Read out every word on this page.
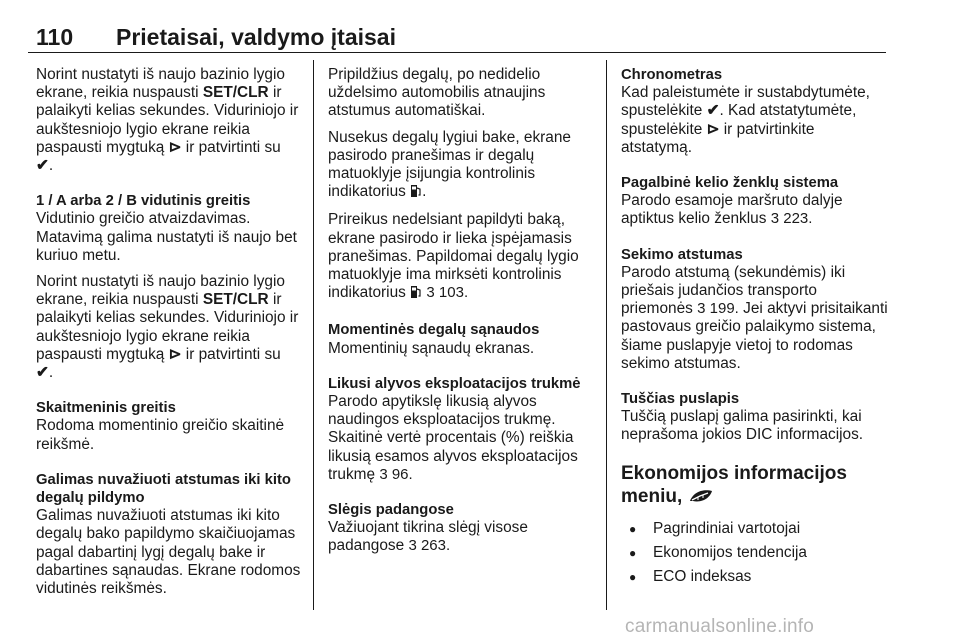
110 Prietaisai, valdymo įtaisai

Norint nustatyti iš naujo bazinio lygio ekrane, reikia nuspausti SET/CLR ir palaikyti kelias sekundes. Viduriniojo ir aukštesniojo lygio ekrane reikia paspausti mygtuką ⊳ ir patvirtinti su
✔.

1 / A arba 2 / B vidutinis greitis

Vidutinio greičio atvaizdavimas. Matavimą galima nustatyti iš naujo bet kuriuo metu.

Norint nustatyti iš naujo bazinio lygio ekrane, reikia nuspausti SET/CLR ir palaikyti kelias sekundes. Viduriniojo ir aukštesniojo lygio ekrane reikia paspausti mygtuką ⊳ ir patvirtinti su
✔.

Skaitmeninis greitis

Rodoma momentinio greičio skaitinė reikšmė.

Galimas nuvažiuoti atstumas iki kito degalų pildymo

Galimas nuvažiuoti atstumas iki kito degalų bako papildymo skaičiuojamas pagal dabartinį lygį degalų bake ir dabartines sąnaudas. Ekrane rodomos vidutinės reikšmės.

Pripildžius degalų, po nedidelio uždelsimo automobilis atnaujins atstumus automatiškai.

Nusekus degalų lygiui bake, ekrane pasirodo pranešimas ir degalų matuoklyje įsijungia kontrolinis indikatorius .

Prireikus nedelsiant papildyti baką, ekrane pasirodo ir lieka įspėjamasis pranešimas. Papildomai degalų lygio matuoklyje ima mirksėti kontrolinis indikatorius  3 103.

Momentinės degalų sąnaudos

Momentinių sąnaudų ekranas.

Likusi alyvos eksploatacijos trukmė

Parodo apytikslę likusią alyvos naudingos eksploatacijos trukmę. Skaitinė vertė procentais (%) reiškia likusią esamos alyvos eksploatacijos trukmę 3 96.

Slėgis padangose

Važiuojant tikrina slėgį visose padangose 3 263.

Chronometras

Kad paleistumėte ir sustabdytumėte, spustelėkite ✔. Kad atstatytumėte, spustelėkite ⊳ ir patvirtinkite atstatymą.

Pagalbinė kelio ženklų sistema

Parodo esamoje maršruto dalyje aptiktus kelio ženklus 3 223.

Sekimo atstumas

Parodo atstumą (sekundėmis) iki priešais judančios transporto priemonės 3 199. Jei aktyvi prisitaikanti pastovaus greičio palaikymo sistema, šiame puslapyje vietoj to rodomas sekimo atstumas.

Tuščias puslapis

Tuščią puslapį galima pasirinkti, kai neprašoma jokios DIC informacijos.

Ekonomijos informacijos
meniu,
● Pagrindiniai vartotojai
● Ekonomijos tendencija
● ECO indeksas
carmanualsonline.info
